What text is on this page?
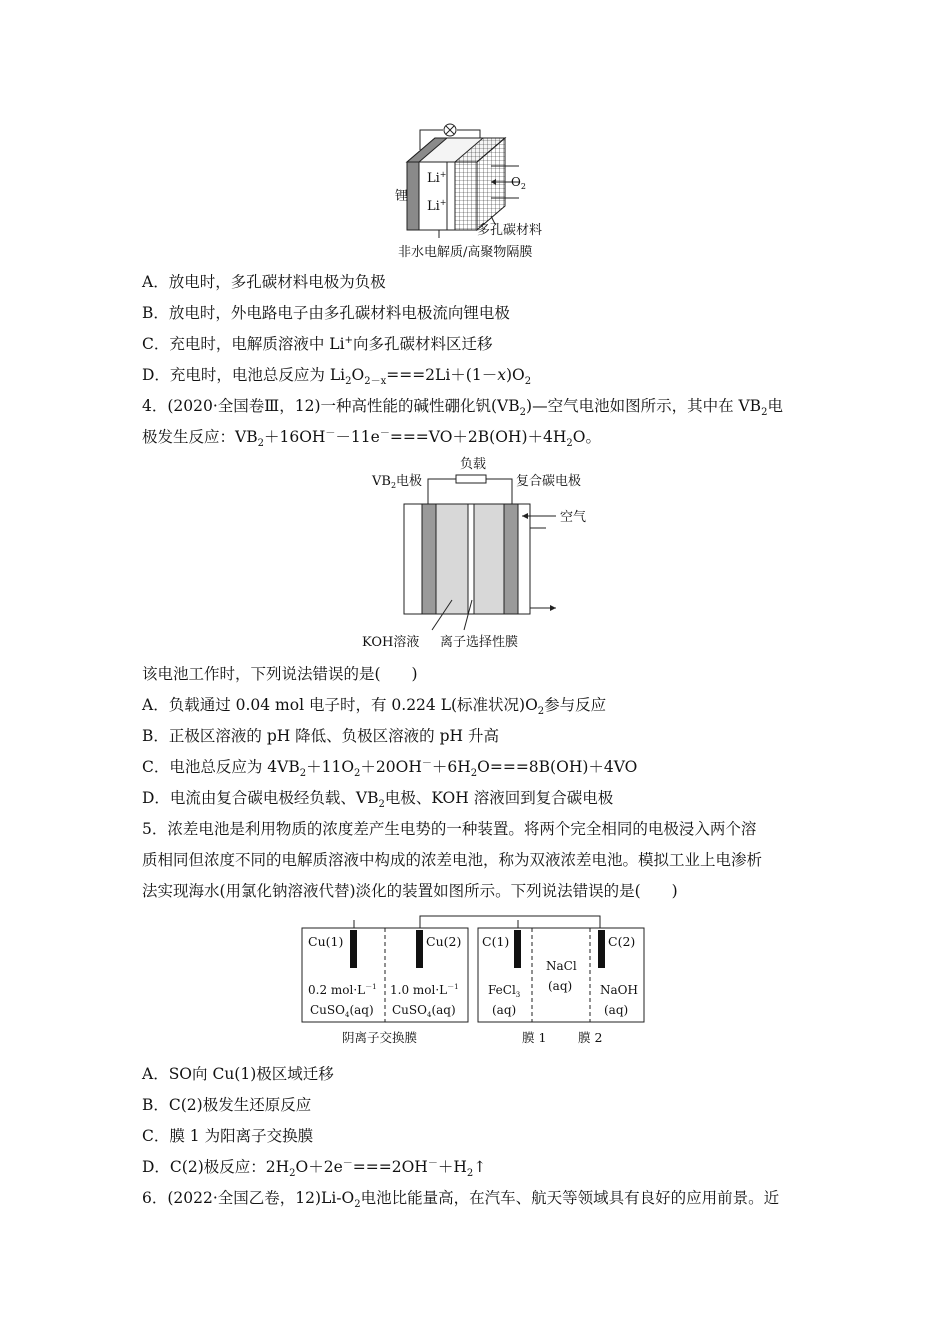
Li+
Li+
锂
$O_2$
多孔碳材料
非水电解质/高聚物隔膜
A．放电时，多孔碳材料电极为负极
B．放电时，外电路电子由多孔碳材料电极流向锂电极
C．充电时，电解质溶液中 Li+向多孔碳材料区迁移
D．充电时，电池总反应为 $Li_2O_{2-x}===2Li+(1-x)O_2$
4．(2020·全国卷Ⅲ，12)一种高性能的碱性硼化钒$(VB_2)—$空气电池如图所示，其中在 $VB_2$电
极发生反应：$VB_2+16OH^--11e^-===VO+2B(OH)+4H_2O$。
负载
$VB_2$电极	复合碳电极
空气
KOH溶液 离子选择性膜
该电池工作时，下列说法错误的是(　　)
A．负载通过 0.04 mol 电子时，有 0.224 L(标准状况)$O_2$参与反应
B．正极区溶液的 pH 降低、负极区溶液的 pH 升高
C．电池总反应为 $4VB_2+11O_2+20OH^-+6H_2O===8B(OH)+4VO$
D．电流由复合碳电极经负载、$VB_2$电极、KOH 溶液回到复合碳电极
5．浓差电池是利用物质的浓度差产生电势的一种装置。将两个完全相同的电极浸入两个溶
质相同但浓度不同的电解质溶液中构成的浓差电池，称为双液浓差电池。模拟工业上电渗析
法实现海水(用氯化钠溶液代替)淡化的装置如图所示。下列说法错误的是(　　)
Cu(1)	Cu(2) C(1)	C(2)
0.2 $mol\cdot L^{-1}$
CuSO$_4$(aq)
1.0 $mol\cdot L^{-1}$
CuSO$_4$(aq)
FeCl$_3$
(aq)
NaCl
(aq) NaOH
(aq)
阴离子交换膜	膜 1	膜 2
A．SO向 Cu(1)极区域迁移
B．C(2)极发生还原反应
C．膜 1 为阳离子交换膜
D．C(2)极反应：$2H_2O+2e^-===2OH^-+H_2↑$
6．(2022·全国乙卷，$12)Li-O_2$电池比能量高，在汽车、航天等领域具有良好的应用前景。近
